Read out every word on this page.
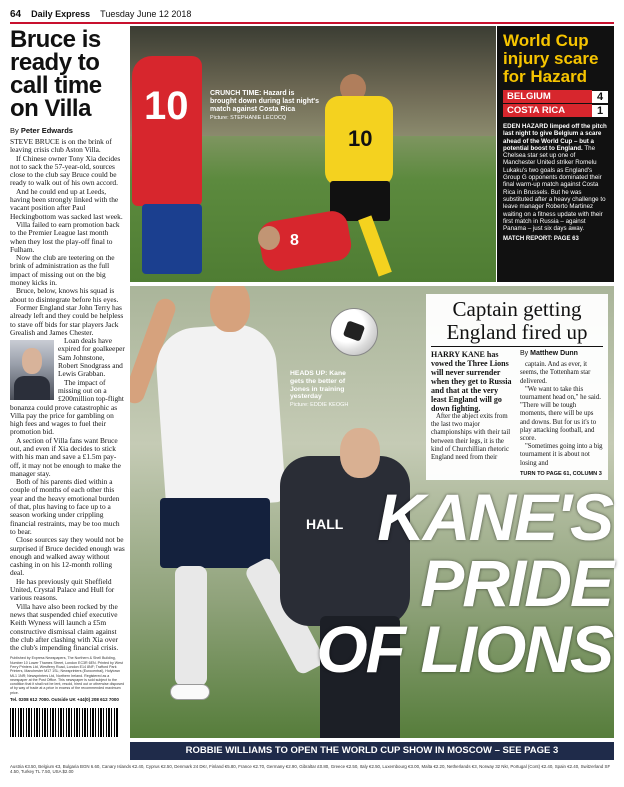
64 Daily Express Tuesday June 12 2018
Bruce is ready to call time on Villa
By Peter Edwards

STEVE BRUCE is on the brink of leaving crisis club Aston Villa.

If Chinese owner Tony Xia decides not to sack the 57-year-old, sources close to the club say Bruce could be ready to walk out of his own accord.

And he could end up at Leeds, having been strongly linked with the vacant position after Paul Heckingbottom was sacked last week.

Villa failed to earn promotion back to the Premier League last month when they lost the play-off final to Fulham.

Now the club are teetering on the brink of administration as the full impact of missing out on the big money kicks in.

Bruce, below, knows his squad is about to disintegrate before his eyes.

Former England star John Terry has already left and they could be helpless to stave off bids for star players Jack Grealish and James Chester.

Loan deals have expired for goalkeeper Sam Johnstone, Robert Snodgrass and Lewis Grabban.

The impact of missing out on a £200million top-flight bonanza could prove catastrophic as Villa pay the price for gambling on high fees and wages to fuel their promotion bid.

A section of Villa fans want Bruce out, and even if Xia decides to stick with his man and save a £1.5m pay-off, it may not be enough to make the manager stay.

Both of his parents died within a couple of months of each other this year and the heavy emotional burden of that, plus having to face up to a season working under crippling financial restraints, may be too much to bear.

Close sources say they would not be surprised if Bruce decided enough was enough and walked away without cashing in on his 12-month rolling deal.

He has previously quit Sheffield United, Crystal Palace and Hull for various reasons.

Villa have also been rocked by the news that suspended chief executive Keith Wyness will launch a £5m constructive dismissal claim against the club after clashing with Xia over the club's impending financial crisis.

Published by Express Newspapers, The Northern & Shell Building, Number 10 Lower Thames Street, London EC3R 6EN. Printed by West Ferry Printers Ltd, Westferry Road, London E14 8NF; Trafford Park Printers, Manchester M17 1SL; Newsprinters (Eurocentral), Holytown ML1 1NR; Newsprinters Ltd, Northern Ireland. Registered as a newspaper at the Post Office. This newspaper is sold subject to the condition that it shall not be lent, resold, hired out or otherwise disposed of by way of trade at a price in excess of the recommended maximum price.
Tel. 0208 612 7000. Outside UK +44(0) 208 612 7000

10
10
8
CRUNCH TIME: Hazard is brought down during last night's match against Costa Rica
Picture: STEPHANIE LECOCQ
World Cup injury scare for Hazard
BELGIUM	4
COSTA RICA	1
EDEN HAZARD limped off the pitch last night to give Belgium a scare ahead of the World Cup – but a potential boost to England. The Chelsea star set up one of Manchester United striker Romelu Lukaku's two goals as England's Group G opponents dominated their final warm-up match against Costa Rica in Brussels. But he was substituted after a heavy challenge to leave manager Roberto Martinez waiting on a fitness update with their first match in Russia – against Panama – just six days away.
MATCH REPORT: PAGE 63
HALL
HEADS UP: Kane gets the better of Jones in training yesterday
Picture: EDDIE KEOGH
Captain getting England fired up

HARRY KANE has vowed the Three Lions will never surrender when they get to Russia and that at the very least England will go down fighting.

After the abject exits from the last two major championships with their tail between their legs, it is the kind of Churchillian rhetoric England need from their

By Matthew Dunn

captain. And as ever, it seems, the Tottenham star delivered.

"We want to take this tournament head on," he said. "There will be tough moments, there will be ups and downs. But for us it's to play attacking football, and score.

"Sometimes going into a big tournament it is about not losing and

TURN TO PAGE 61, COLUMN 3
KANE'S
PRIDE
OF LIONS
ROBBIE WILLIAMS TO OPEN THE WORLD CUP SHOW IN MOSCOW – SEE PAGE 3
Austria €3.50, Belgium €3, Bulgaria BGN 6.60, Canary Islands €2.40, Cyprus €2.50, Denmark 24 DKr, Finland €5.80, France €2.70, Germany €2.90, Gibraltar £0.80, Greece €2.50, Italy €2.50, Luxembourg €3.00, Malta €2.20, Netherlands €3, Norway 32 Nkr, Portugal (Cont) €2.40, Spain €2.40, Switzerland SF 4.50, Turkey TL 7.50, USA $2.00
